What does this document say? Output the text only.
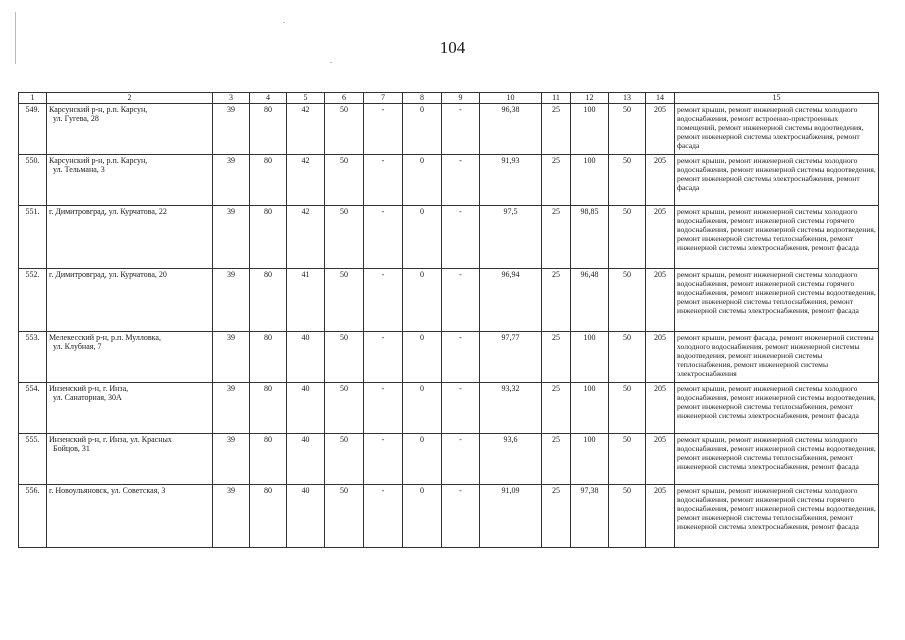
104
1	2	3	4	5	6	7	8	9	10	11	12	13	14	15
549.	Карсунский р-н, р.п. Карсун,
ул. Гугева, 28	39	80	42	50	-	0	-	96,38	25	100	50	205	ремонт крыши, ремонт инженерной системы холодного водоснабжения, ремонт встроенно-пристроенных помещений, ремонт инженерной системы водоотведения, ремонт инженерной системы электроснабжения, ремонт фасада
550.	Карсунский р-н, р.п. Карсун,
ул. Тельмана, 3	39	80	42	50	-	0	-	91,93	25	100	50	205	ремонт крыши, ремонт инженерной системы холодного водоснабжения, ремонт инженерной системы водоотведения, ремонт инженерной системы электроснабжения, ремонт фасада
551.	г. Димитровград, ул. Курчатова, 22	39	80	42	50	-	0	-	97,5	25	98,85	50	205	ремонт крыши, ремонт инженерной системы холодного водоснабжения, ремонт инженерной системы горячего водоснабжения, ремонт инженерной системы водоотведения, ремонт инженерной системы теплоснабжения, ремонт инженерной системы электроснабжения, ремонт фасада
552.	г. Димитровград, ул. Курчатова, 20	39	80	41	50	-	0	-	96,94	25	96,48	50	205	ремонт крыши, ремонт инженерной системы холодного водоснабжения, ремонт инженерной системы горячего водоснабжения, ремонт инженерной системы водоотведения, ремонт инженерной системы теплоснабжения, ремонт инженерной системы электроснабжения, ремонт фасада
553.	Мелекесский р-н, р.п. Мулловка,
ул. Клубная, 7	39	80	40	50	-	0	-	97,77	25	100	50	205	ремонт крыши, ремонт фасада, ремонт инженерной системы холодного водоснабжения, ремонт инженерной системы водоотведения, ремонт инженерной системы теплоснабжения, ремонт инженерной системы электроснабжения
554.	Инзенский р-н, г. Инза,
ул. Санаторная, 30А	39	80	40	50	-	0	-	93,32	25	100	50	205	ремонт крыши, ремонт инженерной системы холодного водоснабжения, ремонт инженерной системы водоотведения, ремонт инженерной системы теплоснабжения, ремонт инженерной системы электроснабжения, ремонт фасада
555.	Инзенский р-н, г. Инза, ул. Красных
Бойцов, 31	39	80	40	50	-	0	-	93,6	25	100	50	205	ремонт крыши, ремонт инженерной системы холодного водоснабжения, ремонт инженерной системы водоотведения, ремонт инженерной системы теплоснабжения, ремонт инженерной системы электроснабжения, ремонт фасада
556.	г. Новоульяновск, ул. Советская, 3	39	80	40	50	-	0	-	91,09	25	97,38	50	205	ремонт крыши, ремонт инженерной системы холодного водоснабжения, ремонт инженерной системы горячего водоснабжения, ремонт инженерной системы водоотведения, ремонт инженерной системы теплоснабжения, ремонт инженерной системы электроснабжения, ремонт фасада
